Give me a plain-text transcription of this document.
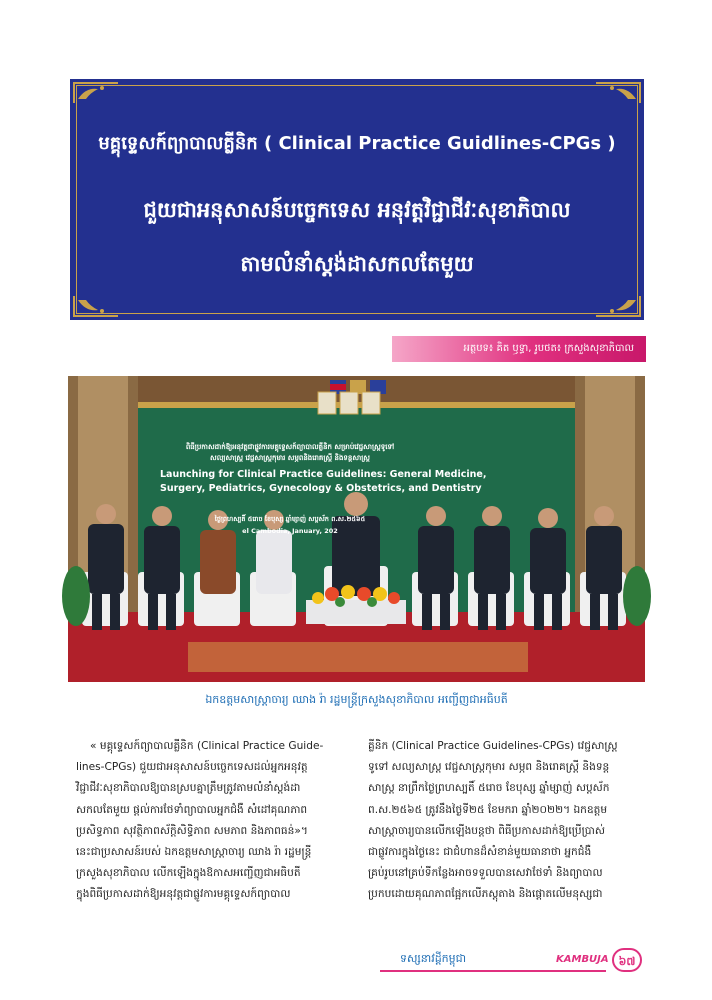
មគ្គុទ្ទេសក៍ព្យាបាលគ្លីនិក ( Clinical Practice Guidlines-CPGs )
ជួយជាអនុសាសន៍បច្ចេកទេស អនុវត្តវិជ្ជាជីវៈសុខាភិបាល
តាមលំនាំស្តង់ដាសកលតែមួយ
អត្ថបទ៖ គិត ឫទ្ធា, រូបថត៖ ក្រសួងសុខាភិបាល
សេចក្ដីអបអរសាទរ
ពិធីប្រកាសដាក់ឱ្យអនុវត្តជាផ្លូវការមគ្គុទ្ទេសក៍ព្យាបាលគ្លីនិក សម្រាប់វេជ្ជសាស្ត្រទូទៅ
សល្យសាស្ត្រ វេជ្ជសាស្ត្រកុមារ សម្ភពនិងរោគស្ត្រី និងទន្តសាស្ត្រ
Launching for Clinical Practice Guidelines: General Medicine,
Surgery, Pediatrics, Gynecology & Obstetrics, and Dentistry
ថ្ងៃព្រហស្បតិ៍ ៥រោច ខែបុស្ស ឆ្នាំម្សាញ់ សប្តស័ក ព.ស.២៥៦៥
el Cambodia, January, 202
ឯកឧត្តមសាស្ត្រាចារ្យ ឈាង រ៉ា រដ្ឋមន្ត្រីក្រសួងសុខាភិបាល អញ្ជើញជាអធិបតី

« មគ្គុទ្ទេសក៍ព្យាបាលគ្លីនិក (Clinical Practice Guide-

lines-CPGs) ជួយជាអនុសាសន៍បច្ចេកទេសដល់អ្នកអនុវត្ត

វិជ្ជាជីវៈសុខាភិបាលឱ្យបានស្របគ្នាត្រឹមត្រូវតាមលំនាំស្តង់ដា

សកលតែមួយ ផ្តល់ការថែទាំព្យាបាលអ្នកជំងឺ សំដៅគុណភាព

ប្រសិទ្ធភាព សុវត្ថិភាពស័ក្តិសិទ្ធិភាព សមភាព និងភាពធន់»។

នេះជាប្រសាសន៍របស់ ឯកឧត្តមសាស្ត្រាចារ្យ ឈាង រ៉ា រដ្ឋមន្ត្រី

ក្រសួងសុខាភិបាល លើកឡើងក្នុងឱកាសអញ្ជើញជាអធិបតី

ក្នុងពិធីប្រកាសដាក់ឱ្យអនុវត្តជាផ្លូវការមគ្គុទ្ទេសក៍ព្យាបាល

គ្លីនិក (Clinical Practice Guidelines-CPGs) វេជ្ជសាស្ត្រ

ទូទៅ សល្យសាស្ត្រ វេជ្ជសាស្ត្រកុមារ សម្ភព និងរោគស្ត្រី និងទន្ត

សាស្ត្រ នាព្រឹកថ្ងៃព្រហស្បតិ៍ ៥រោច ខែបុស្ស ឆ្នាំម្សាញ់ សប្តស័ក

ព.ស.២៥៦៥ ត្រូវនឹងថ្ងៃទី២៥ ខែមករា ឆ្នាំ២០២២។ ឯកឧត្តម

សាស្ត្រាចារ្យបានលើកឡើងបន្តថា ពិធីប្រកាសដាក់ឱ្យប្រើប្រាស់

ជាផ្លូវការក្នុងថ្ងៃនេះ ជាជំហានដ៏សំខាន់មួយធានាថា អ្នកជំងឺ

គ្រប់រូបនៅគ្រប់ទីកន្លែងអាចទទួលបានសេវាថែទាំ និងព្យាបាល

ប្រកបដោយគុណភាពផ្អែកលើភស្តុតាង និងផ្តោតលើមនុស្សជា

ទស្សនាវដ្តីកម្ពុជា	KAMBUJA ៦៧
